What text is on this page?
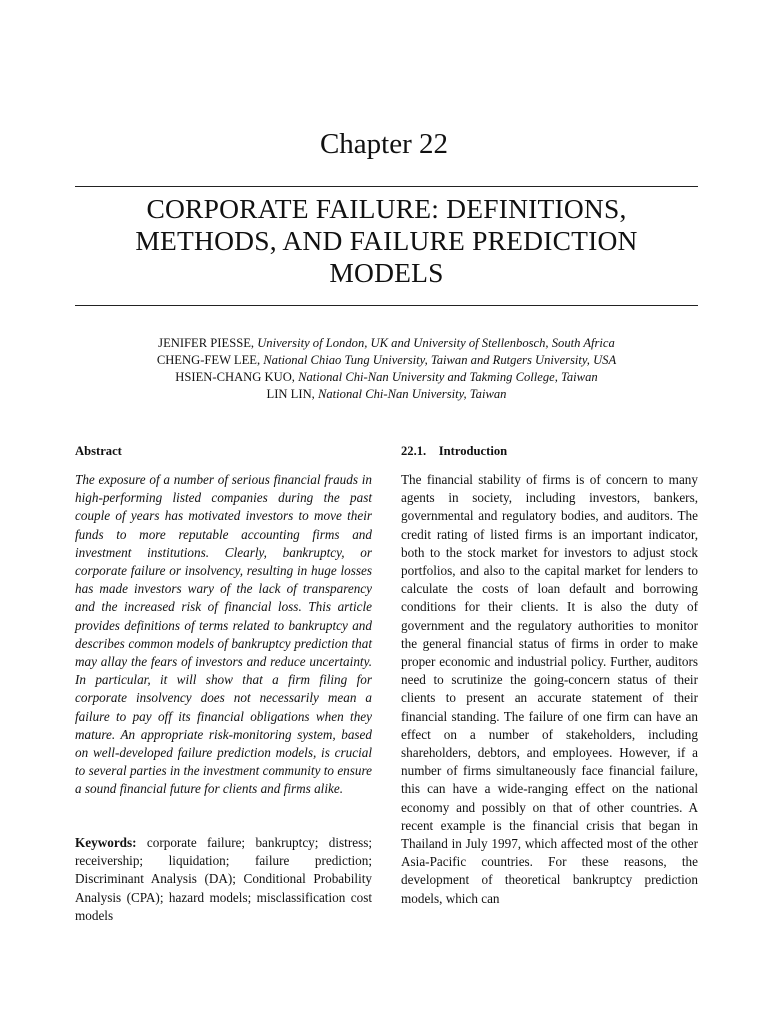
Chapter 22
CORPORATE FAILURE: DEFINITIONS,
METHODS, AND FAILURE PREDICTION
MODELS
JENIFER PIESSE, University of London, UK and University of Stellenbosch, South Africa
CHENG-FEW LEE, National Chiao Tung University, Taiwan and Rutgers University, USA
HSIEN-CHANG KUO, National Chi-Nan University and Takming College, Taiwan
LIN LIN, National Chi-Nan University, Taiwan
Abstract

The exposure of a number of serious financial frauds in high-performing listed companies during the past couple of years has motivated investors to move their funds to more reputable accounting firms and investment institutions. Clearly, bankruptcy, or corporate failure or insolvency, resulting in huge losses has made investors wary of the lack of transparency and the increased risk of financial loss. This article provides definitions of terms related to bankruptcy and describes common models of bankruptcy prediction that may allay the fears of investors and reduce uncertainty. In particular, it will show that a firm filing for corporate insolvency does not necessarily mean a failure to pay off its financial obligations when they mature. An appropriate risk-monitoring system, based on well-developed failure prediction models, is crucial to several parties in the investment community to ensure a sound financial future for clients and firms alike.

Keywords: corporate failure; bankruptcy; distress; receivership; liquidation; failure prediction; Discriminant Analysis (DA); Conditional Probability Analysis (CPA); hazard models; misclassification cost models

22.1. Introduction

The financial stability of firms is of concern to many agents in society, including investors, bankers, governmental and regulatory bodies, and auditors. The credit rating of listed firms is an important indicator, both to the stock market for investors to adjust stock portfolios, and also to the capital market for lenders to calculate the costs of loan default and borrowing conditions for their clients. It is also the duty of government and the regulatory authorities to monitor the general financial status of firms in order to make proper economic and industrial policy. Further, auditors need to scrutinize the going-concern status of their clients to present an accurate statement of their financial standing. The failure of one firm can have an effect on a number of stakeholders, including shareholders, debtors, and employees. However, if a number of firms simultaneously face financial failure, this can have a wide-ranging effect on the national economy and possibly on that of other countries. A recent example is the financial crisis that began in Thailand in July 1997, which affected most of the other Asia-Pacific countries. For these reasons, the development of theoretical bankruptcy prediction models, which can
